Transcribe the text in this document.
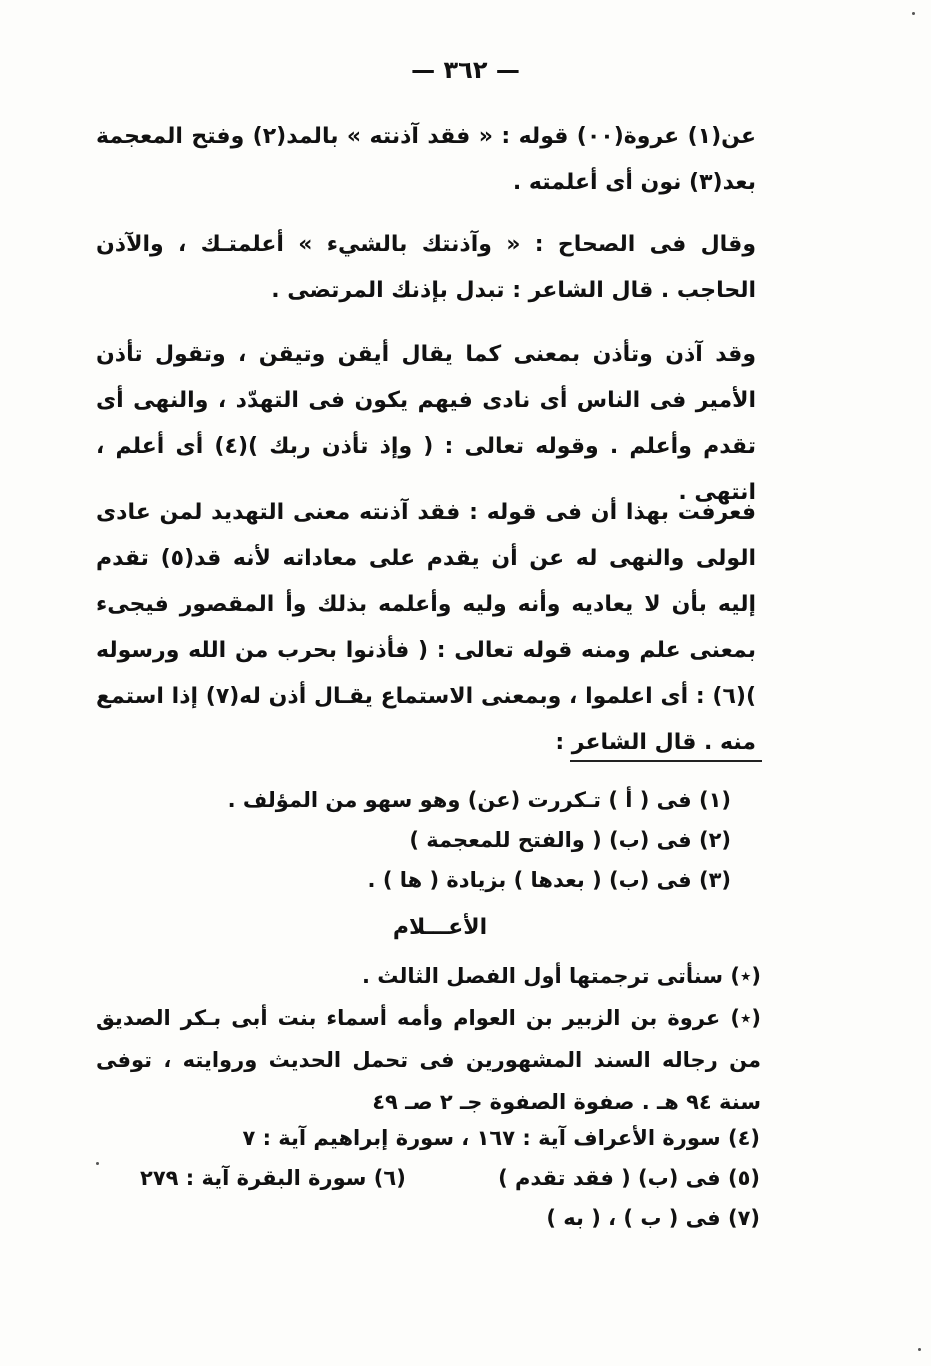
— ٣٦٢ —

عن(١) عروة(٠٠) قوله : « فقد آذنته » بالمد(٢) وفتح المعجمة بعد(٣) نون أى أعلمته .

وقال فى الصحاح : « وآذنتك بالشيء » أعلمتـك ، والآذن الحاجب . قال الشاعر : تبدل بإذنك المرتضى .

وقد آذن وتأذن بمعنى كما يقال أيقن وتيقن ، وتقول تأذن الأمير فى الناس أى نادى فيهم يكون فى التهدّد ، والنهى أى تقدم وأعلم . وقوله تعالى : ( وإذ تأذن ربك )(٤) أى أعلم ، انتهى .

فعرفت بهذا أن فى قوله : فقد آذنته معنى التهديد لمن عادى الولى والنهى له عن أن يقدم على معاداته لأنه قد(٥) تقدم إليه بأن لا يعاديه وأنه وليه وأعلمه بذلك وأ المقصور فيجىء بمعنى علم ومنه قوله تعالى : ( فأذنوا بحرب من الله ورسوله )(٦) : أى اعلموا ، وبمعنى الاستماع يقـال أذن له(٧) إذا استمع منه . قال الشاعر :

(١) فى ( أ ) تـكررت (عن) وهو سهو من المؤلف .
(٢) فى (ب) ( والفتح للمعجمة )
(٣) فى (ب) ( بعدها ) بزيادة ( ها ) .
الأعـــلام
(٭) سنأتى ترجمتها أول الفصل الثالث .
(٭) عروة بن الزبير بن العوام وأمه أسماء بنت أبى بـكر الصديق من رجاله السند المشهورين فى تحمل الحديث وروايته ، توفى سنة ٩٤ هـ . صفوة الصفوة جـ ٢ صـ ٤٩
(٤) سورة الأعراف آية : ١٦٧ ، سورة إبراهيم آية : ٧
(٥) فى (ب) ( فقد تقدم )
(٦) سورة البقرة آية : ٢٧٩
(٧) فى ( ب ) ، ( به )
